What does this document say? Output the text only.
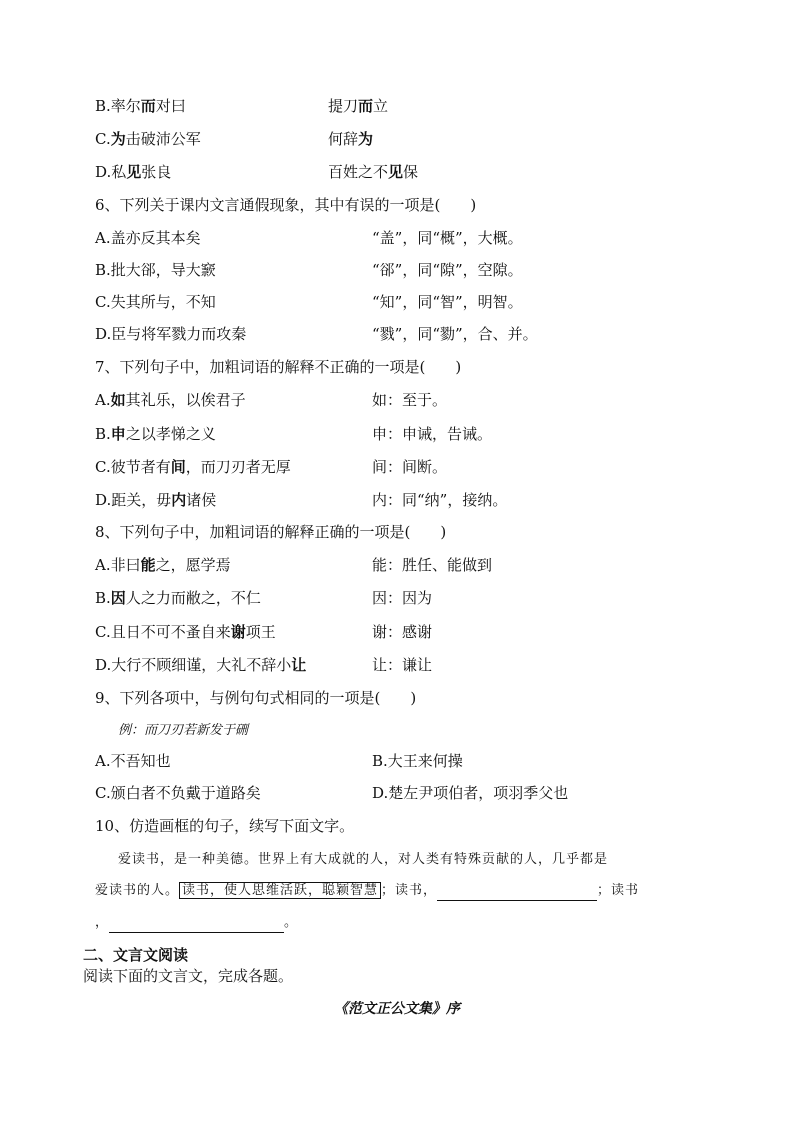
B.率尔而对曰	提刀而立
C.为击破沛公军	何辞为
D.私见张良	百姓之不见保
6、下列关于课内文言通假现象，其中有误的一项是(　　)
A.盖亦反其本矣	“盖”，同“概”，大概。
B.批大郤，导大窾	“郤”，同“隙”，空隙。
C.失其所与，不知	“知”，同“智”，明智。
D.臣与将军戮力而攻秦	“戮”，同“勠”，合、并。
7、下列句子中，加粗词语的解释不正确的一项是(　　)
A.如其礼乐，以俟君子	如：至于。
B.申之以孝悌之义	申：申诫，告诫。
C.彼节者有间，而刀刃者无厚	间：间断。
D.距关，毋内诸侯	内：同“纳”，接纳。
8、下列句子中，加粗词语的解释正确的一项是(　　)
A.非曰能之，愿学焉	能：胜任、能做到
B.因人之力而敝之，不仁	因：因为
C.且日不可不蚤自来谢项王	谢：感谢
D.大行不顾细谨，大礼不辞小让	让：谦让
9、下列各项中，与例句句式相同的一项是(　　)
例：而刀刃若新发于硎
A.不吾知也	B.大王来何操
C.颁白者不负戴于道路矣	D.楚左尹项伯者，项羽季父也
10、仿造画框的句子，续写下面文字。
爱读书，是一种美德。世界上有大成就的人，对人类有特殊贡献的人，几乎都是
爱读书的人。 读书，使人思维活跃，聪颖智慧 ；读书，	；读书
，	。
二、文言文阅读
阅读下面的文言文，完成各题。
《范文正公文集》序
